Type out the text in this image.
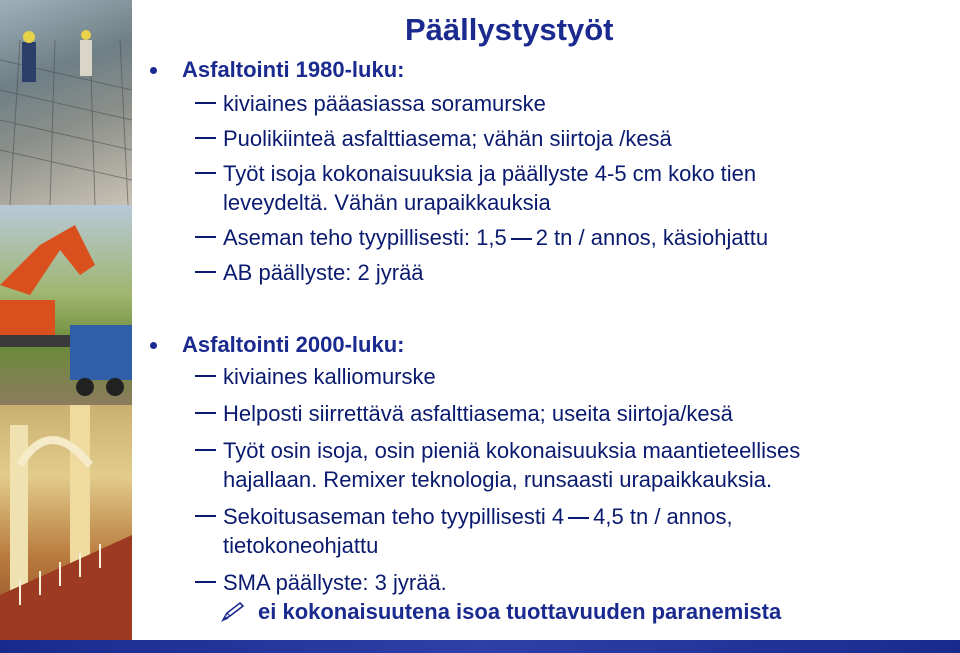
Päällystystyöt
Asfaltointi 1980-luku:
kiviaines pääasiassa soramurske
Puolikiinteä asfalttiasema; vähän siirtoja /kesä
Työt isoja kokonaisuuksia ja päällyste 4-5 cm koko tien
leveydeltä. Vähän urapaikkauksia
Aseman teho tyypillisesti: 1,5 2 tn / annos, käsiohjattu
AB päällyste: 2 jyrää
Asfaltointi 2000-luku:
kiviaines kalliomurske
Helposti siirrettävä asfalttiasema; useita siirtoja/kesä
Työt osin isoja, osin pieniä kokonaisuuksia maantieteellises
hajallaan. Remixer teknologia, runsaasti urapaikkauksia.
Sekoitusaseman teho tyypillisesti 4 4,5 tn / annos,
tietokoneohjattu
SMA päällyste: 3 jyrää.
ei kokonaisuutena isoa tuottavuuden paranemista
